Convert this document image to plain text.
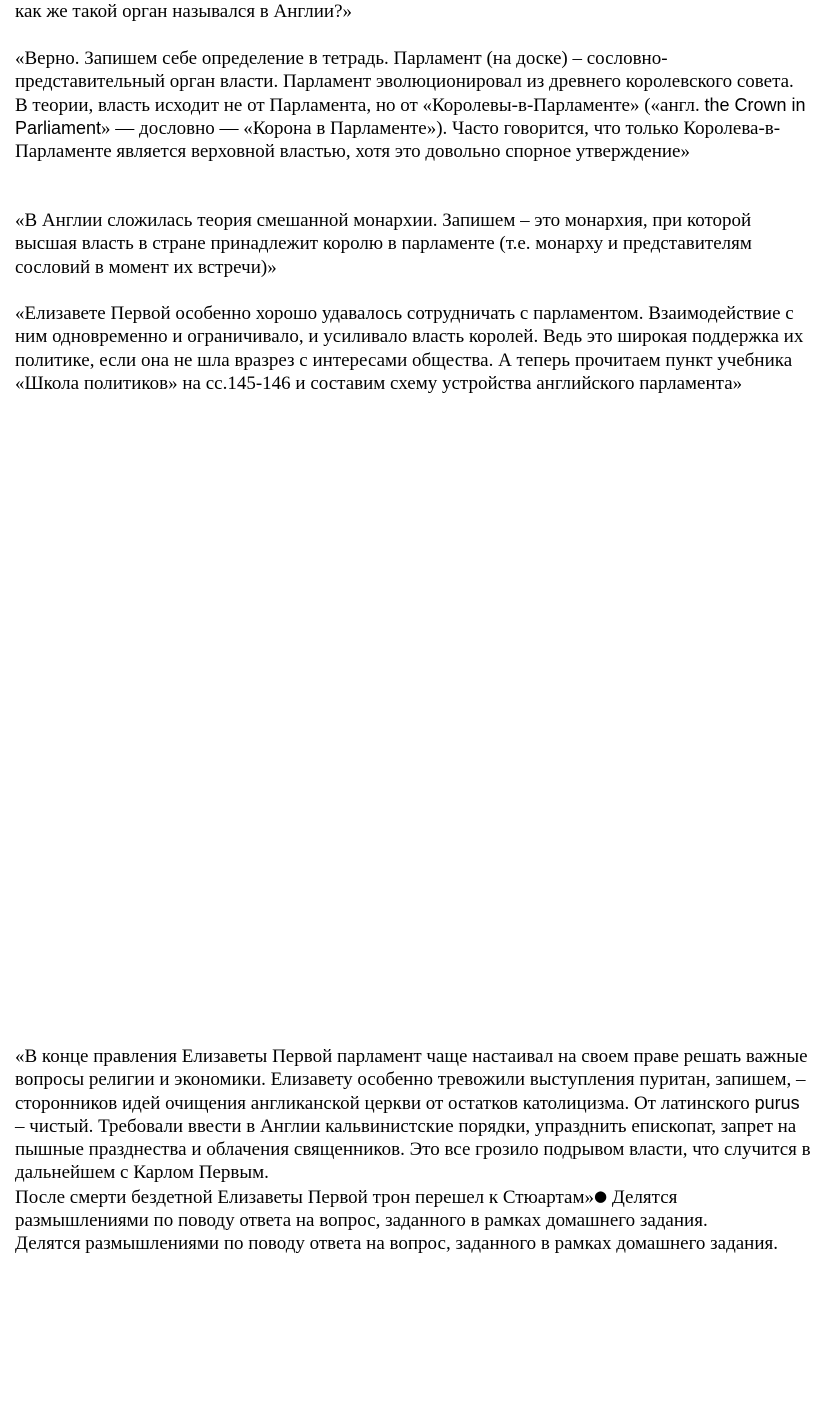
как же такой орган назывался в Англии?»

«Верно. Запишем себе определение в тетрадь. Парламент (на доске) – сословно-представительный орган власти. Парламент эволюционировал из древнего королевского совета. В теории, власть исходит не от Парламента, но от «Королевы-в-Парламенте» («англ. the Crown in Parliament» — дословно — «Корона в Парламенте»). Часто говорится, что только Королева-в-Парламенте является верховной властью, хотя это довольно спорное утверждение»

«В Англии сложилась теория смешанной монархии. Запишем – это монархия, при которой высшая власть в стране принадлежит королю в парламенте (т.е. монарху и представителям сословий в момент их встречи)»

«Елизавете Первой особенно хорошо удавалось сотрудничать с парламентом. Взаимодействие с ним одновременно и ограничивало, и усиливало власть королей. Ведь это широкая поддержка их политике, если она не шла вразрез с интересами общества. А теперь прочитаем пункт учебника «Школа политиков» на сс.145-146 и составим схему устройства английского парламента»

«В конце правления Елизаветы Первой парламент чаще настаивал на своем праве решать важные вопросы религии и экономики. Елизавету особенно тревожили выступления пуритан, запишем, – сторонников идей очищения англиканской церкви от остатков католицизма. От латинского purus – чистый. Требовали ввести в Англии кальвинистские порядки, упразднить епископат, запрет на пышные празднества и облачения священников. Это все грозило подрывом власти, что случится в дальнейшем с Карлом Первым.
После смерти бездетной Елизаветы Первой трон перешел к Стюартам»● Делятся размышлениями по поводу ответа на вопрос, заданного в рамках домашнего задания.
Делятся размышлениями по поводу ответа на вопрос, заданного в рамках домашнего задания.
